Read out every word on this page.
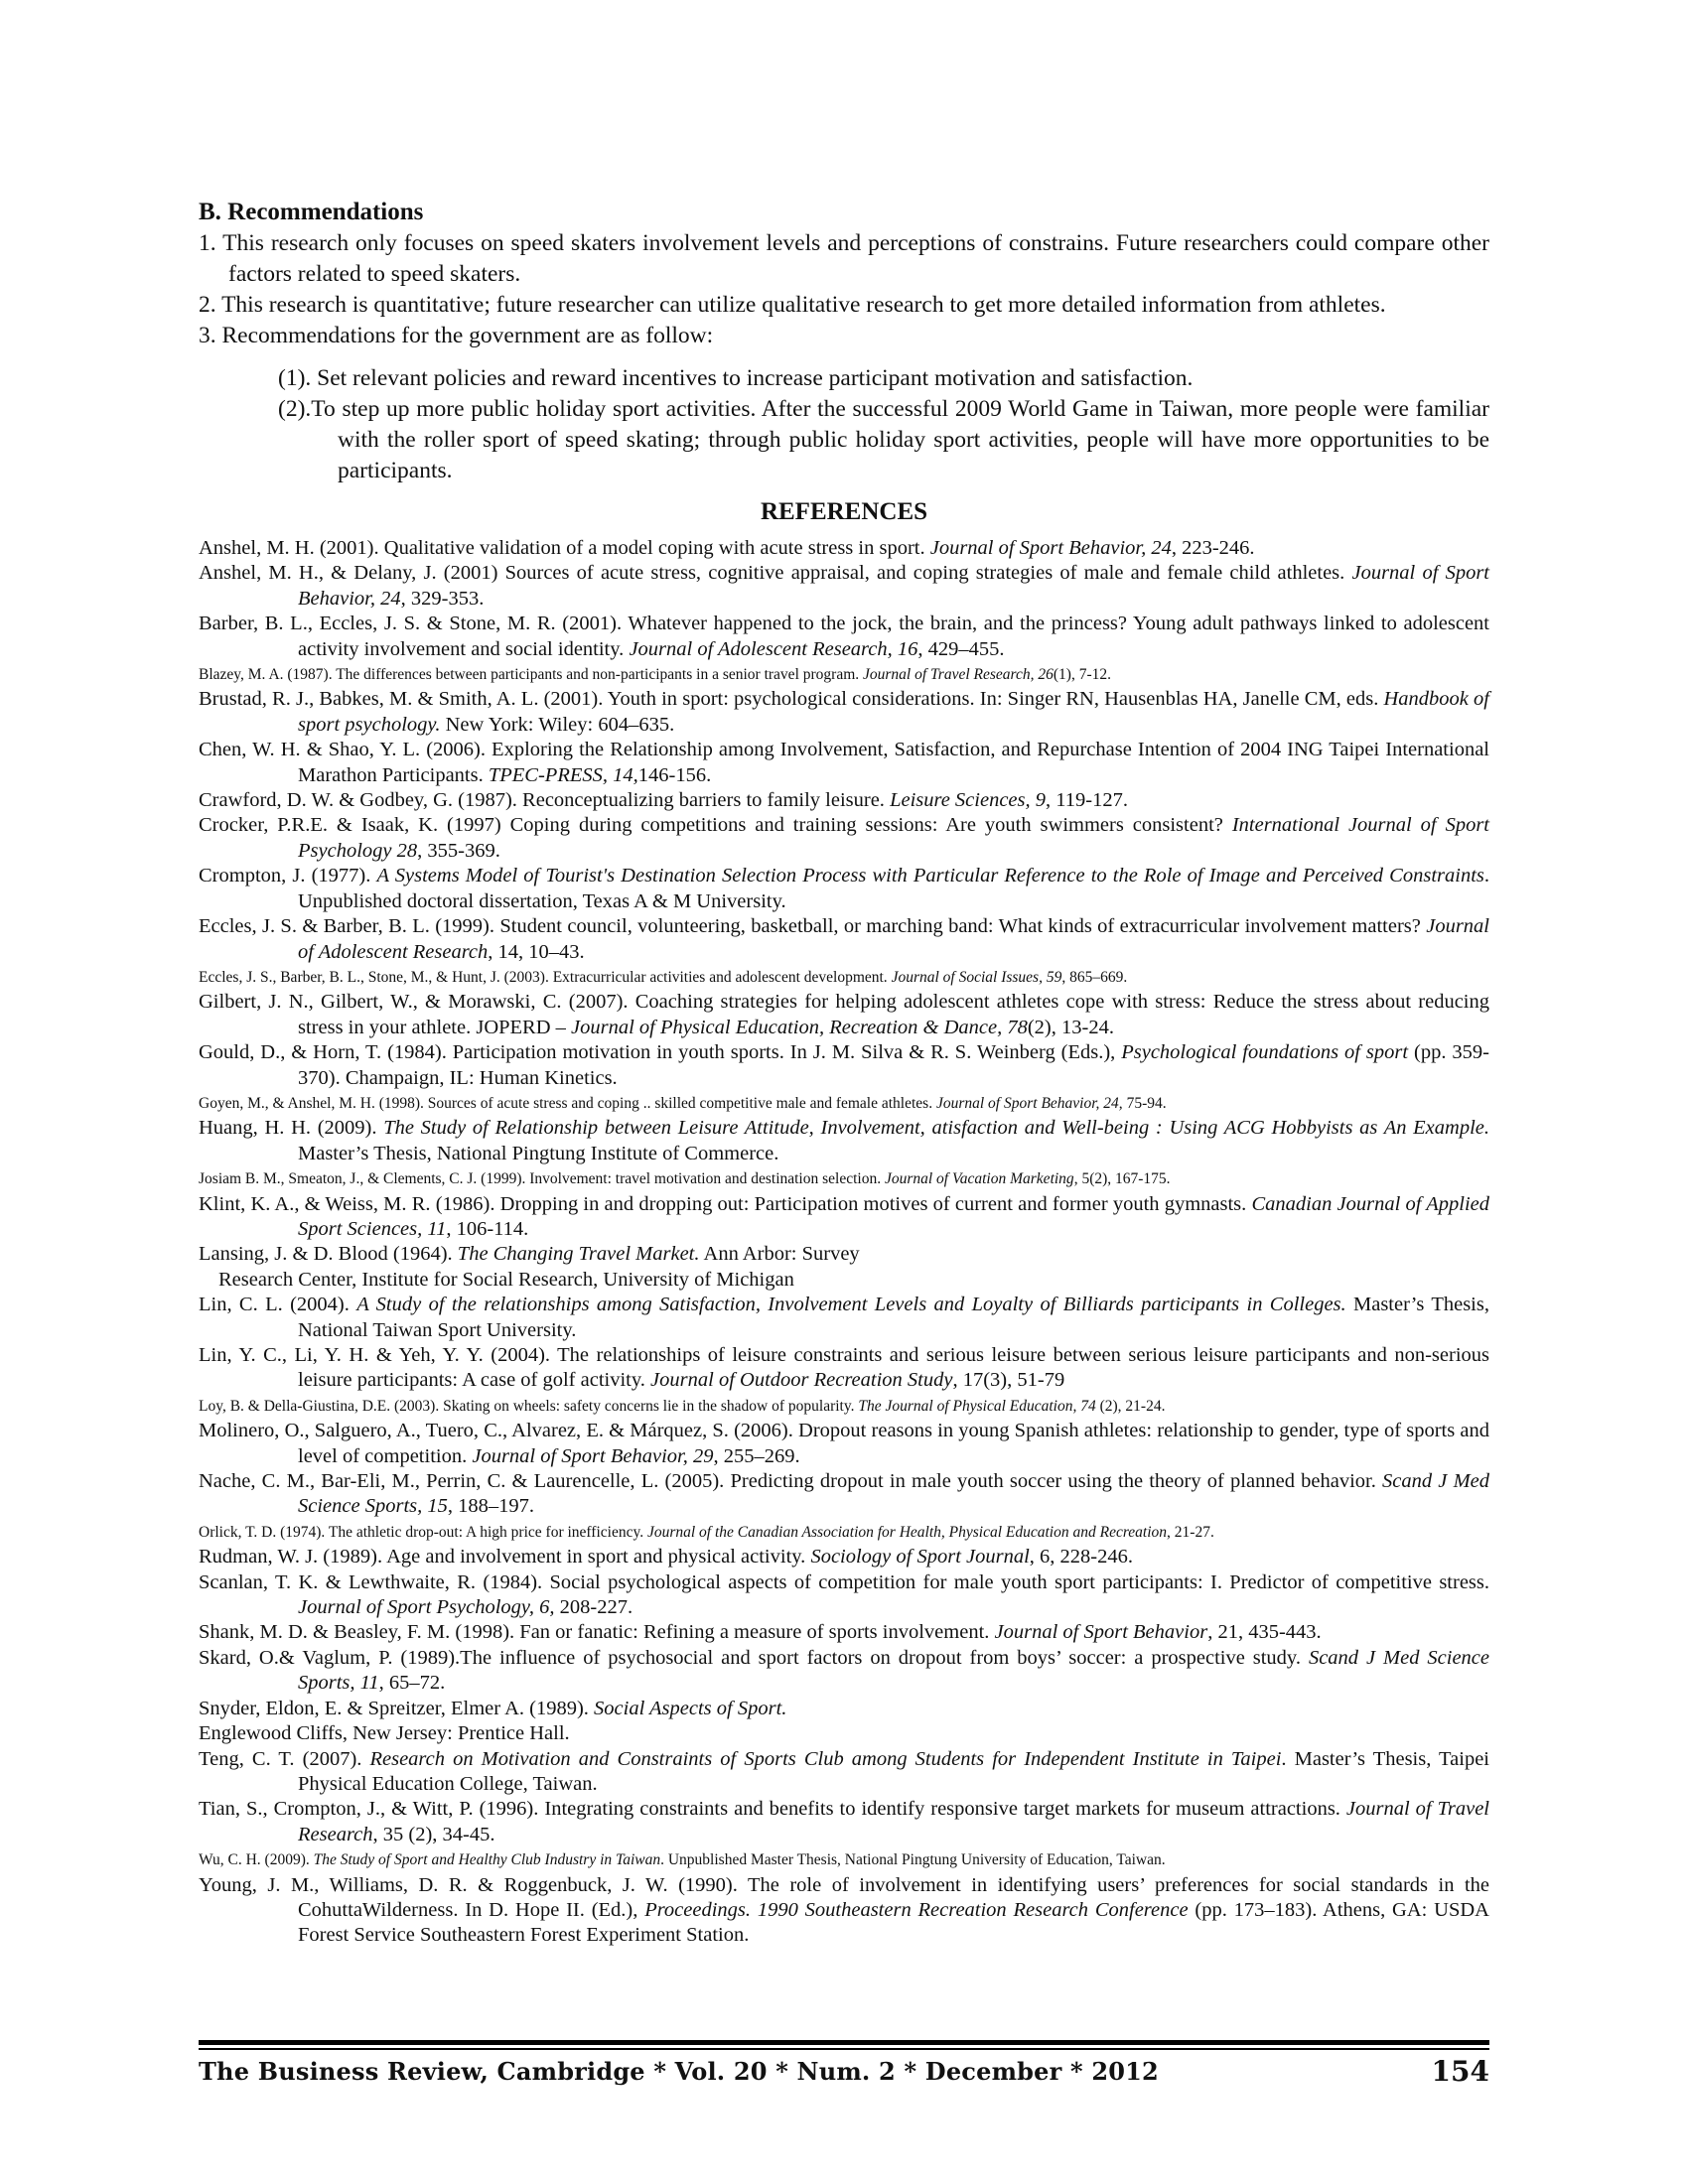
B. Recommendations

1. This research only focuses on speed skaters involvement levels and perceptions of constrains. Future researchers could compare other factors related to speed skaters.

2. This research is quantitative; future researcher can utilize qualitative research to get more detailed information from athletes.

3. Recommendations for the government are as follow:

(1). Set relevant policies and reward incentives to increase participant motivation and satisfaction.

(2).To step up more public holiday sport activities. After the successful 2009 World Game in Taiwan, more people were familiar with the roller sport of speed skating; through public holiday sport activities, people will have more opportunities to be participants.

REFERENCES

Anshel, M. H. (2001). Qualitative validation of a model coping with acute stress in sport. Journal of Sport Behavior, 24, 223-246.

Anshel, M. H., & Delany, J. (2001) Sources of acute stress, cognitive appraisal, and coping strategies of male and female child athletes. Journal of Sport Behavior, 24, 329-353.

Barber, B. L., Eccles, J. S. & Stone, M. R. (2001). Whatever happened to the jock, the brain, and the princess? Young adult pathways linked to adolescent activity involvement and social identity. Journal of Adolescent Research, 16, 429–455.

Blazey, M. A. (1987). The differences between participants and non-participants in a senior travel program. Journal of Travel Research, 26(1), 7-12.

Brustad, R. J., Babkes, M. & Smith, A. L. (2001). Youth in sport: psychological considerations. In: Singer RN, Hausenblas HA, Janelle CM, eds. Handbook of sport psychology. New York: Wiley: 604–635.

Chen, W. H. & Shao, Y. L. (2006). Exploring the Relationship among Involvement, Satisfaction, and Repurchase Intention of 2004 ING Taipei International Marathon Participants. TPEC-PRESS, 14,146-156.

Crawford, D. W. & Godbey, G. (1987). Reconceptualizing barriers to family leisure. Leisure Sciences, 9, 119-127.

Crocker, P.R.E. & Isaak, K. (1997) Coping during competitions and training sessions: Are youth swimmers consistent? International Journal of Sport Psychology 28, 355-369.

Crompton, J. (1977). A Systems Model of Tourist's Destination Selection Process with Particular Reference to the Role of Image and Perceived Constraints. Unpublished doctoral dissertation, Texas A & M University.

Eccles, J. S. & Barber, B. L. (1999). Student council, volunteering, basketball, or marching band: What kinds of extracurricular involvement matters? Journal of Adolescent Research, 14, 10–43.

Eccles, J. S., Barber, B. L., Stone, M., & Hunt, J. (2003). Extracurricular activities and adolescent development. Journal of Social Issues, 59, 865–669.

Gilbert, J. N., Gilbert, W., & Morawski, C. (2007). Coaching strategies for helping adolescent athletes cope with stress: Reduce the stress about reducing stress in your athlete. JOPERD – Journal of Physical Education, Recreation & Dance, 78(2), 13-24.

Gould, D., & Horn, T. (1984). Participation motivation in youth sports. In J. M. Silva & R. S. Weinberg (Eds.), Psychological foundations of sport (pp. 359-370). Champaign, IL: Human Kinetics.

Goyen, M., & Anshel, M. H. (1998). Sources of acute stress and coping .. skilled competitive male and female athletes. Journal of Sport Behavior, 24, 75-94.

Huang, H. H. (2009). The Study of Relationship between Leisure Attitude, Involvement, atisfaction and Well-being : Using ACG Hobbyists as An Example. Master’s Thesis, National Pingtung Institute of Commerce.

Josiam B. M., Smeaton, J., & Clements, C. J. (1999). Involvement: travel motivation and destination selection. Journal of Vacation Marketing, 5(2), 167-175.

Klint, K. A., & Weiss, M. R. (1986). Dropping in and dropping out: Participation motives of current and former youth gymnasts. Canadian Journal of Applied Sport Sciences, 11, 106-114.

Lansing, J. & D. Blood (1964). The Changing Travel Market. Ann Arbor: Survey

Research Center, Institute for Social Research, University of Michigan

Lin, C. L. (2004). A Study of the relationships among Satisfaction, Involvement Levels and Loyalty of Billiards participants in Colleges. Master’s Thesis, National Taiwan Sport University.

Lin, Y. C., Li, Y. H. & Yeh, Y. Y. (2004). The relationships of leisure constraints and serious leisure between serious leisure participants and non-serious leisure participants: A case of golf activity. Journal of Outdoor Recreation Study, 17(3), 51-79

Loy, B. & Della-Giustina, D.E. (2003). Skating on wheels: safety concerns lie in the shadow of popularity. The Journal of Physical Education, 74 (2), 21-24.

Molinero, O., Salguero, A., Tuero, C., Alvarez, E. & Márquez, S. (2006). Dropout reasons in young Spanish athletes: relationship to gender, type of sports and level of competition. Journal of Sport Behavior, 29, 255–269.

Nache, C. M., Bar-Eli, M., Perrin, C. & Laurencelle, L. (2005). Predicting dropout in male youth soccer using the theory of planned behavior. Scand J Med Science Sports, 15, 188–197.

Orlick, T. D. (1974). The athletic drop-out: A high price for inefficiency. Journal of the Canadian Association for Health, Physical Education and Recreation, 21-27.

Rudman, W. J. (1989). Age and involvement in sport and physical activity. Sociology of Sport Journal, 6, 228-246.

Scanlan, T. K. & Lewthwaite, R. (1984). Social psychological aspects of competition for male youth sport participants: I. Predictor of competitive stress. Journal of Sport Psychology, 6, 208-227.

Shank, M. D. & Beasley, F. M. (1998). Fan or fanatic: Refining a measure of sports involvement. Journal of Sport Behavior, 21, 435-443.

Skard, O.& Vaglum, P. (1989).The influence of psychosocial and sport factors on dropout from boys’ soccer: a prospective study. Scand J Med Science Sports, 11, 65–72.

Snyder, Eldon, E. & Spreitzer, Elmer A. (1989). Social Aspects of Sport.

Englewood Cliffs, New Jersey: Prentice Hall.

Teng, C. T. (2007). Research on Motivation and Constraints of Sports Club among Students for Independent Institute in Taipei. Master’s Thesis, Taipei Physical Education College, Taiwan.

Tian, S., Crompton, J., & Witt, P. (1996). Integrating constraints and benefits to identify responsive target markets for museum attractions. Journal of Travel Research, 35 (2), 34-45.

Wu, C. H. (2009). The Study of Sport and Healthy Club Industry in Taiwan. Unpublished Master Thesis, National Pingtung University of Education, Taiwan.

Young, J. M., Williams, D. R. & Roggenbuck, J. W. (1990). The role of involvement in identifying users’ preferences for social standards in the CohuttaWilderness. In D. Hope II. (Ed.), Proceedings. 1990 Southeastern Recreation Research Conference (pp. 173–183). Athens, GA: USDA Forest Service Southeastern Forest Experiment Station.

The Business Review, Cambridge * Vol. 20 * Num. 2 * December * 2012	154
